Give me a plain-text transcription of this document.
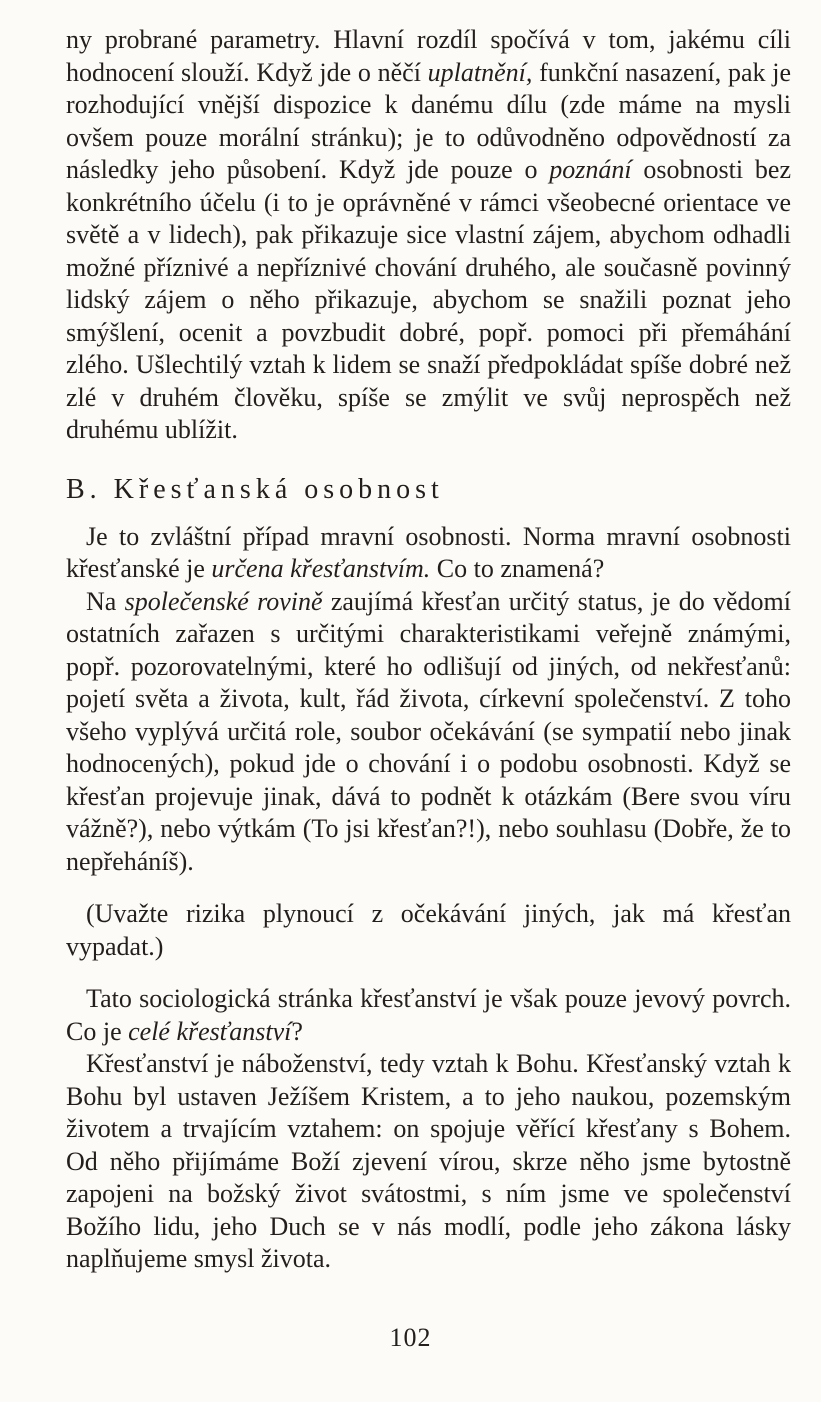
ny probrané parametry. Hlavní rozdíl spočívá v tom, jakému cíli hodnocení slouží. Když jde o něčí uplatnění, funkční nasazení, pak je rozhodující vnější dispozice k danému dílu (zde máme na mysli ovšem pouze morální stránku); je to odůvodněno odpovědností za následky jeho působení. Když jde pouze o poznání osobnosti bez konkrétního účelu (i to je oprávněné v rámci všeobecné orientace ve světě a v lidech), pak přikazuje sice vlastní zájem, abychom odhadli možné příznivé a nepříznivé chování druhého, ale současně povinný lidský zájem o něho přikazuje, abychom se snažili poznat jeho smýšlení, ocenit a povzbudit dobré, popř. pomoci při přemáhání zlého. Ušlechtilý vztah k lidem se snaží předpokládat spíše dobré než zlé v druhém člověku, spíše se zmýlit ve svůj neprospěch než druhému ublížit.

B. Křesťanská osobnost

Je to zvláštní případ mravní osobnosti. Norma mravní osobnosti křesťanské je určena křesťanstvím. Co to znamená?

Na společenské rovině zaujímá křesťan určitý status, je do vědomí ostatních zařazen s určitými charakteristikami veřejně známými, popř. pozorovatelnými, které ho odlišují od jiných, od nekřesťanů: pojetí světa a života, kult, řád života, církevní společenství. Z toho všeho vyplývá určitá role, soubor očekávání (se sympatií nebo jinak hodnocených), pokud jde o chování i o podobu osobnosti. Když se křesťan projevuje jinak, dává to podnět k otázkám (Bere svou víru vážně?), nebo výtkám (To jsi křesťan?!), nebo souhlasu (Dobře, že to nepřeháníš).

(Uvažte rizika plynoucí z očekávání jiných, jak má křesťan vypadat.)

Tato sociologická stránka křesťanství je však pouze jevový povrch. Co je celé křesťanství?

Křesťanství je náboženství, tedy vztah k Bohu. Křesťanský vztah k Bohu byl ustaven Ježíšem Kristem, a to jeho naukou, pozemským životem a trvajícím vztahem: on spojuje věřící křesťany s Bohem. Od něho přijímáme Boží zjevení vírou, skrze něho jsme bytostně zapojeni na božský život svátostmi, s ním jsme ve společenství Božího lidu, jeho Duch se v nás modlí, podle jeho zákona lásky naplňujeme smysl života.

102
